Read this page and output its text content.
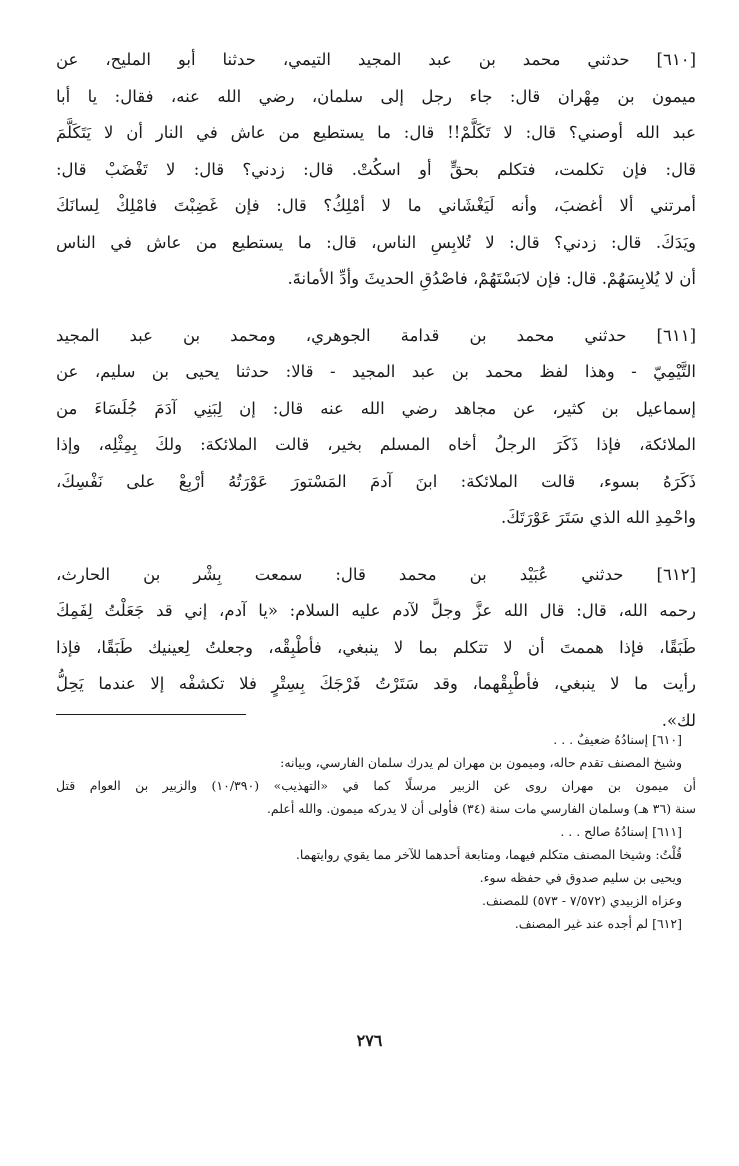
[٦١٠] حدثني محمد بن عبد المجيد التيمي، حدثنا أبو المليح، عن
ميمون بن مِهْران قال: جاء رجل إلى سلمان، رضي الله عنه، فقال: يا أبا
عبد الله أوصني؟ قال: لا تَكَلَّمْ!! قال: ما يستطيع من عاش في النار أن لا يَتَكَلَّمَ
قال: فإن تكلمت، فتكلم بحقٍّ أو اسكُتْ. قال: زدني؟ قال: لا تَغْضَبْ قال:
أمرتني ألا أغضبَ، وأنه لَيَغْشَاني ما لا أمْلِكُ؟ قال: فإن غَضِبْتَ فامْلِكْ لِسانَكَ
ويَدَكَ. قال: زدني؟ قال: لا تُلابِسِ الناس، قال: ما يستطيع من عاش في الناس
أن لا يُلابِسَهُمْ. قال: فإن لابَسْتَهُمْ، فاصْدُقِ الحديثَ وأدِّ الأمانةَ.
[٦١١] حدثني محمد بن قدامة الجوهري، ومحمد بن عبد المجيد
التَّيْمِيّ - وهذا لفظ محمد بن عبد المجيد - قالا: حدثنا يحيى بن سليم، عن
إسماعيل بن كثير، عن مجاهد رضي الله عنه قال: إن لِبَنِي آدَمَ جُلَسَاءَ من
الملائكة، فإذا ذَكَرَ الرجلُ أخاه المسلم بخير، قالت الملائكة: ولكَ بِمِثْلِه، وإذا
ذَكَرَهُ بسوء، قالت الملائكة: ابنَ آدمَ المَسْتورَ عَوْرَتُهُ أرْبِعْ على نَفْسِكَ،
واحْمِدِ الله الذي سَتَرَ عَوْرَتَكَ.
[٦١٢] حدثني عُبَيْد بن محمد قال: سمعت بِشْر بن الحارث،
رحمه الله، قال: قال الله عزَّ وجلَّ لآدم عليه السلام: «يا آدم، إني قد جَعَلْتُ لِفَمِكَ
طَبَقًا، فإذا هممتَ أن لا تتكلم بما لا ينبغي، فأطْبِقْه، وجعلتُ لِعينيك طَبَقًا، فإذا
رأيت ما لا ينبغي، فأطْبِقْهما، وقد سَتَرْتُ فَرْجَكَ بِسِتْرٍ فلا تكشفْه إلا عندما يَحِلُّ
لك».
[٦١٠] إسنادُهُ ضعيفٌ . . .
وشيخ المصنف تقدم حاله، وميمون بن مهران لم يدرك سلمان الفارسي، وبيانه:
أن ميمون بن مهران روى عن الزبير مرسلًا كما في «التهذيب» (١٠/٣٩٠) والزبير بن العوام قتل
سنة (٣٦ هـ) وسلمان الفارسي مات سنة (٣٤) فأولى أن لا يدركه ميمون. والله أعلم.
[٦١١] إسنادُهُ صالح . . .
قُلْتُ: وشيخا المصنف متكلم فيهما، ومتابعة أحدهما للآخر مما يقوي روايتهما.
ويحيى بن سليم صدوق في حفظه سوء.
وعزاه الزبيدي (٧/٥٧٢ - ٥٧٣) للمصنف.
[٦١٢] لم أجده عند غير المصنف.
٢٧٦
